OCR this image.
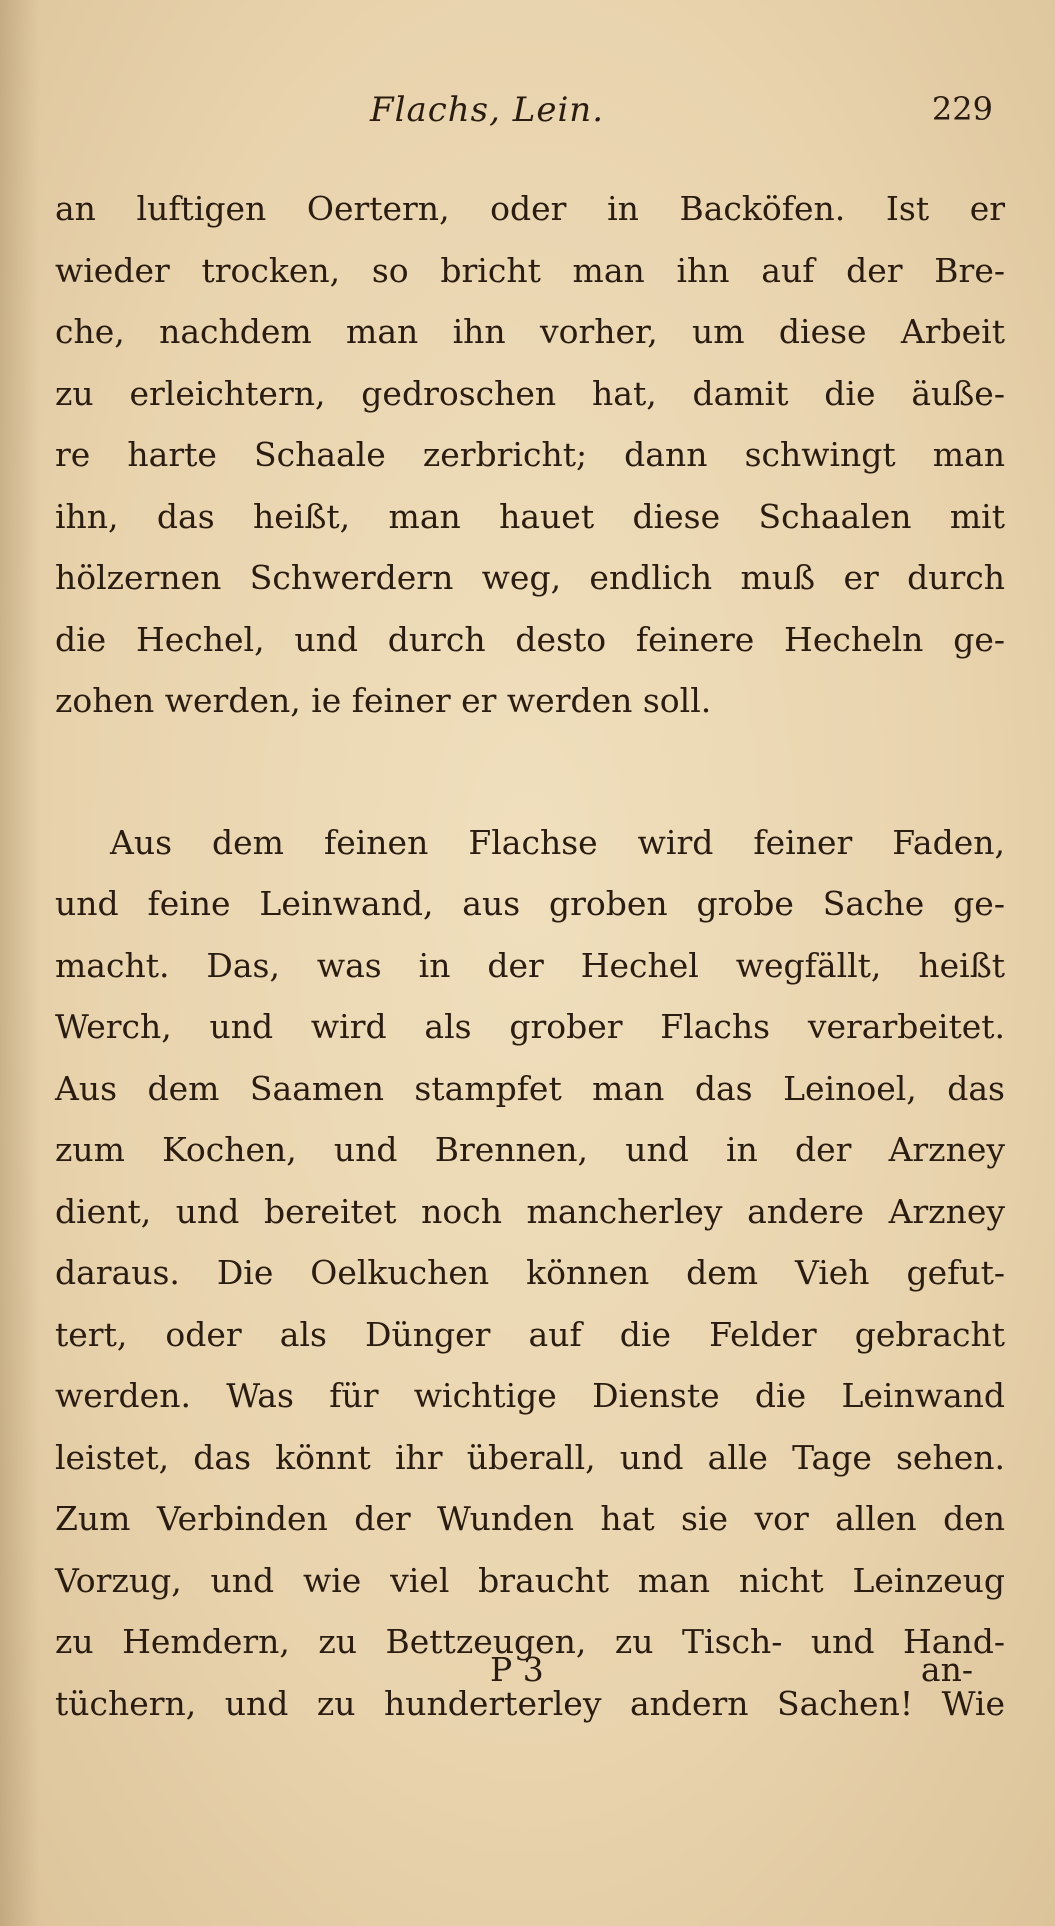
Flachs, Lein.	229
an luftigen Oertern, oder in Backöfen. Ist er
wieder trocken, so bricht man ihn auf der Bre-
che, nachdem man ihn vorher, um diese Arbeit
zu erleichtern, gedroschen hat, damit die äuße-
re harte Schaale zerbricht; dann schwingt man
ihn, das heißt, man hauet diese Schaalen mit
hölzernen Schwerdern weg, endlich muß er durch
die Hechel, und durch desto feinere Hecheln ge-
zohen werden, ie feiner er werden soll.
Aus dem feinen Flachse wird feiner Faden,
und feine Leinwand, aus groben grobe Sache ge-
macht. Das, was in der Hechel wegfällt, heißt
Werch, und wird als grober Flachs verarbeitet.
Aus dem Saamen stampfet man das Leinoel, das
zum Kochen, und Brennen, und in der Arzney
dient, und bereitet noch mancherley andere Arzney
daraus. Die Oelkuchen können dem Vieh gefut-
tert, oder als Dünger auf die Felder gebracht
werden. Was für wichtige Dienste die Leinwand
leistet, das könnt ihr überall, und alle Tage sehen.
Zum Verbinden der Wunden hat sie vor allen den
Vorzug, und wie viel braucht man nicht Leinzeug
zu Hemdern, zu Bettzeugen, zu Tisch- und Hand-
tüchern, und zu hunderterley andern Sachen! Wie
P 3	an-
